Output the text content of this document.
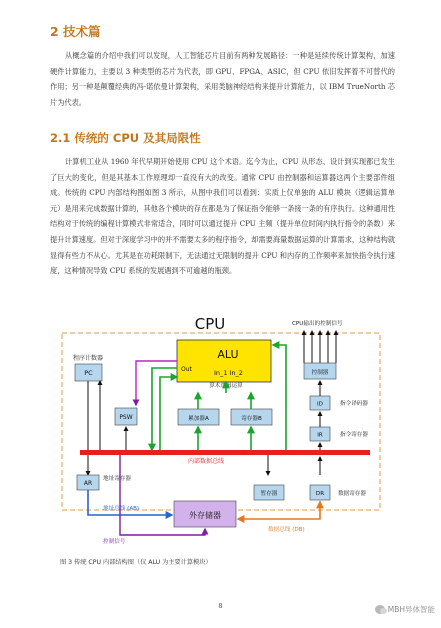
2 技术篇

从概念篇的介绍中我们可以发现，人工智能芯片目前有两种发展路径：一种是延续传统计算架构，加速硬件计算能力，主要以 3 种类型的芯片为代表，即 GPU、FPGA、ASIC，但 CPU 依旧发挥着不可替代的作用；另一种是颠覆经典的冯·诺依曼计算架构，采用类脑神经结构来提升计算能力，以 IBM TrueNorth 芯片为代表。

2.1 传统的 CPU 及其局限性

计算机工业从 1960 年代早期开始使用 CPU 这个术语。迄今为止，CPU 从形态、设计到实现都已发生了巨大的变化，但是其基本工作原理却一直没有大的改变。通常 CPU 由控制器和运算器这两个主要部件组成。传统的 CPU 内部结构图如图 3 所示，从图中我们可以看到：实质上仅单独的 ALU 模块（逻辑运算单元）是用来完成数据计算的，其他各个模块的存在都是为了保证指令能够一条接一条的有序执行。这种通用性结构对于传统的编程计算模式非常适合，同时可以通过提升 CPU 主频（提升单位时间内执行指令的条数）来提升计算速度。但对于深度学习中的并不需要太多的程序指令，却需要海量数据运算的计算需求，这种结构就显得有些力不从心。尤其是在功耗限制下，无法通过无限制的提升 CPU 和内存的工作频率来加快指令执行速度，这种情况导致 CPU 系统的发展遇到不可逾越的瓶颈。

CPU	CPU输出的控制信号
程序计数器
PC
ALU
Out	In_1 In_2
算术逻辑运算
PSW	累加器A	寄存器B
控制器
ID	指令译码器
IR	指令寄存器
内部数据总线
AR
地址寄存器
暂存器	DR 数据寄存器
地址总线 (AB)
外存储器
控制信号
数据总线 (DB)

图 3 传统 CPU 内部结构图（仅 ALU 为主要计算模块）

8	MBH异体智能
